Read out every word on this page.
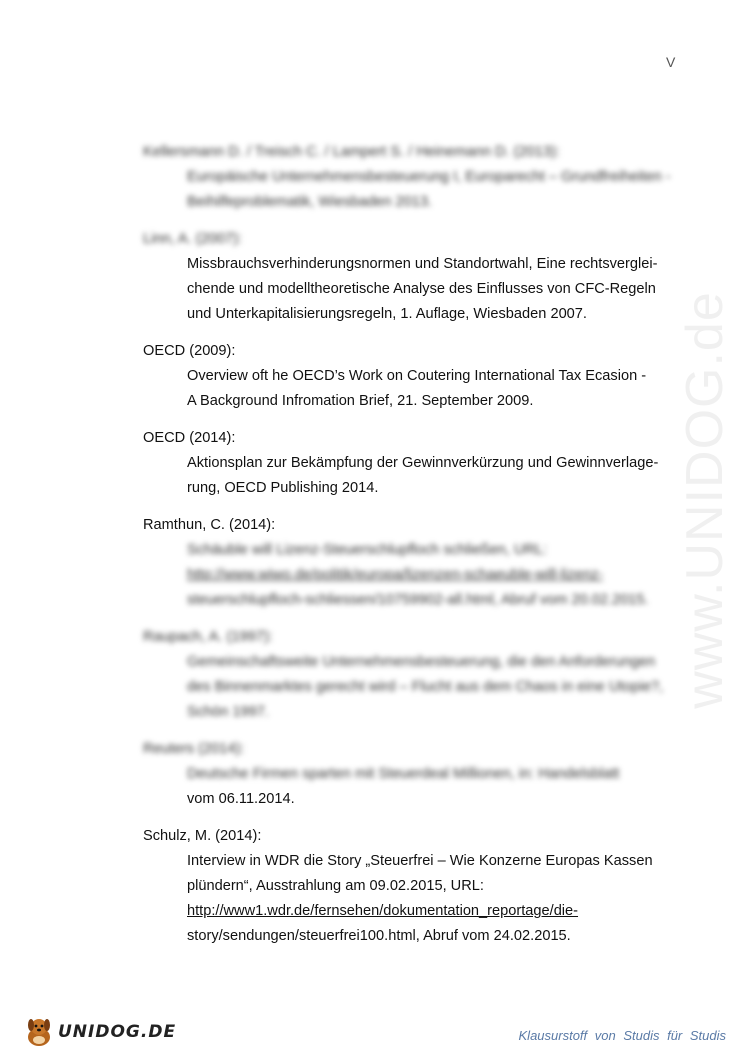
V
www.UNIDOG.de
Kellersmann D. / Treisch C. / Lampert S. / Heinemann D. (2013):
Europäische Unternehmensbesteuerung I, Europarecht – Grundfreiheiten -
Beihilfeproblematik, Wiesbaden 2013.
Linn, A. (2007):
Missbrauchsverhinderungsnormen und Standortwahl, Eine rechtsverglei-
chende und modelltheoretische Analyse des Einflusses von CFC-Regeln
und Unterkapitalisierungsregeln, 1. Auflage, Wiesbaden 2007.
OECD (2009):
Overview oft he OECD’s Work on Coutering International Tax Ecasion -
A Background Infromation Brief, 21. September 2009.
OECD (2014):
Aktionsplan zur Bekämpfung der Gewinnverkürzung und Gewinnverlage-
rung, OECD Publishing 2014.
Ramthun, C. (2014):
Schäuble will Lizenz-Steuerschlupfloch schließen, URL:
http://www.wiwo.de/politik/europa/lizenzen-schaeuble-will-lizenz-
steuerschlupfloch-schliessen/10759902-all.html, Abruf vom 20.02.2015.
Raupach, A. (1997):
Gemeinschaftsweite Unternehmensbesteuerung, die den Anforderungen
des Binnenmarktes gerecht wird – Flucht aus dem Chaos in eine Utopie?,
Schön 1997.
Reuters (2014):
Deutsche Firmen sparten mit Steuerdeal Millionen, in: Handelsblatt
vom 06.11.2014.
Schulz, M. (2014):
Interview in WDR die Story „Steuerfrei – Wie Konzerne Europas Kassen
plündern“, Ausstrahlung am 09.02.2015, URL:
http://www1.wdr.de/fernsehen/dokumentation_reportage/die-
story/sendungen/steuerfrei100.html, Abruf vom 24.02.2015.
UNIDOG.DE	Klausurstoff von Studis für Studis
